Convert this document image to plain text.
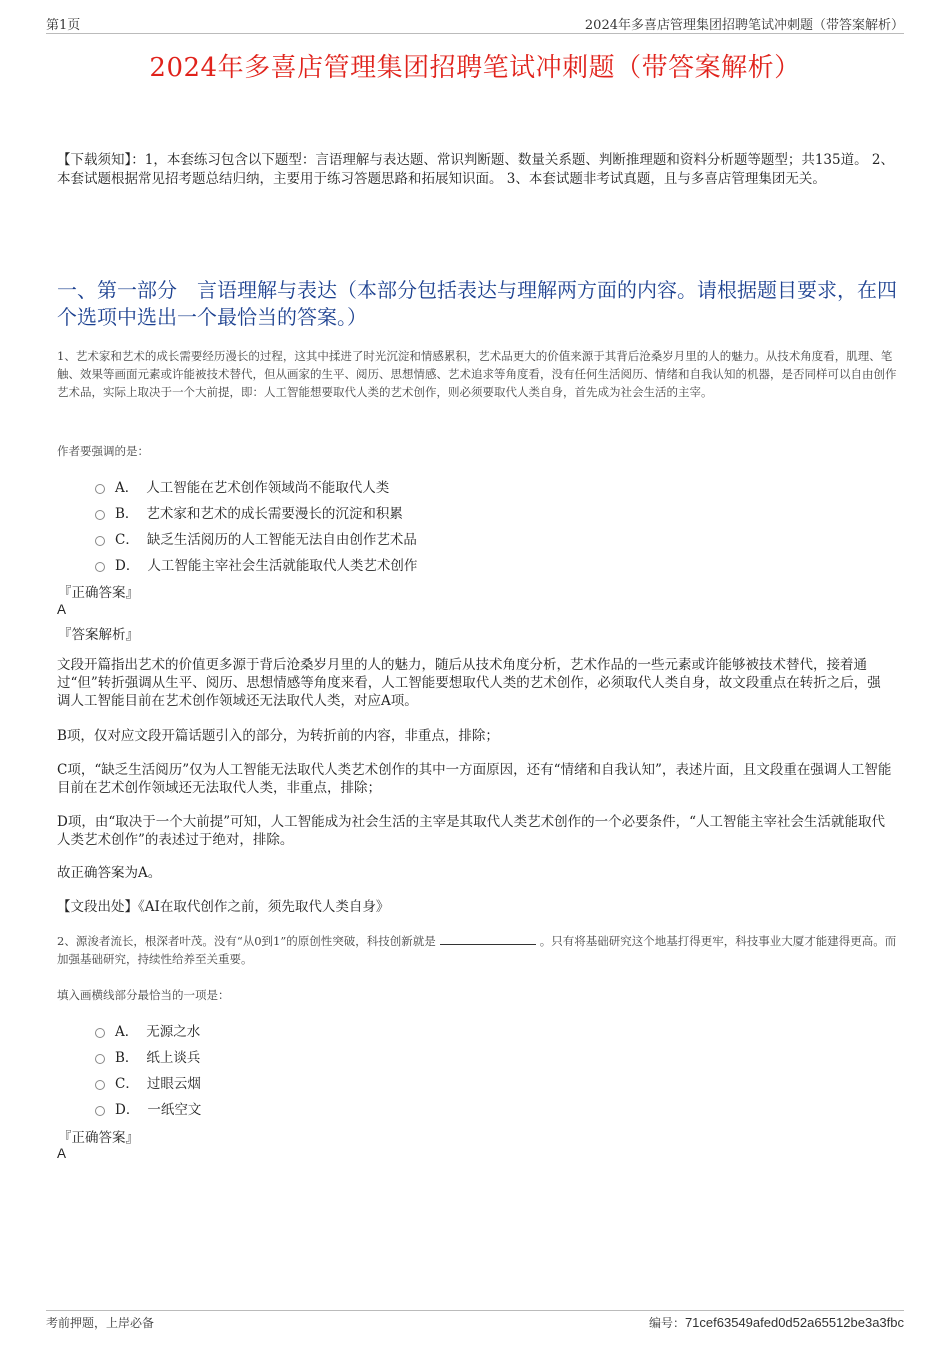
第1页	2024年多喜店管理集团招聘笔试冲刺题（带答案解析）
2024年多喜店管理集团招聘笔试冲刺题（带答案解析）
【下载须知】：1，本套练习包含以下题型：言语理解与表达题、常识判断题、数量关系题、判断推理题和资料分析题等题型；共135道。 2、本套试题根据常见招考题总结归纳，主要用于练习答题思路和拓展知识面。 3、本套试题非考试真题，且与多喜店管理集团无关。
一、第一部分　言语理解与表达（本部分包括表达与理解两方面的内容。请根据题目要求，在四个选项中选出一个最恰当的答案。）
1、艺术家和艺术的成长需要经历漫长的过程，这其中揉进了时光沉淀和情感累积，艺术品更大的价值来源于其背后沧桑岁月里的人的魅力。从技术角度看，肌理、笔触、效果等画面元素或许能被技术替代，但从画家的生平、阅历、思想情感、艺术追求等角度看，没有任何生活阅历、情绪和自我认知的机器，是否同样可以自由创作艺术品，实际上取决于一个大前提，即：人工智能想要取代人类的艺术创作，则必须要取代人类自身，首先成为社会生活的主宰。
作者要强调的是：
A． 人工智能在艺术创作领域尚不能取代人类
B． 艺术家和艺术的成长需要漫长的沉淀和积累
C． 缺乏生活阅历的人工智能无法自由创作艺术品
D． 人工智能主宰社会生活就能取代人类艺术创作
『正确答案』
A
『答案解析』
文段开篇指出艺术的价值更多源于背后沧桑岁月里的人的魅力，随后从技术角度分析，艺术作品的一些元素或许能够被技术替代，接着通过“但”转折强调从生平、阅历、思想情感等角度来看，人工智能要想取代人类的艺术创作，必须取代人类自身，故文段重点在转折之后，强调人工智能目前在艺术创作领域还无法取代人类，对应A项。
B项，仅对应文段开篇话题引入的部分，为转折前的内容，非重点，排除；
C项，“缺乏生活阅历”仅为人工智能无法取代人类艺术创作的其中一方面原因，还有“情绪和自我认知”，表述片面，且文段重在强调人工智能目前在艺术创作领域还无法取代人类，非重点，排除；
D项，由“取决于一个大前提”可知，人工智能成为社会生活的主宰是其取代人类艺术创作的一个必要条件，“人工智能主宰社会生活就能取代人类艺术创作”的表述过于绝对，排除。
故正确答案为A。
【文段出处】《AI在取代创作之前，须先取代人类自身》
2、源浚者流长，根深者叶茂。没有“从0到1”的原创性突破，科技创新就是	。只有将基础研究这个地基打得更牢，科技事业大厦才能建得更高。而加强基础研究，持续性给养至关重要。
填入画横线部分最恰当的一项是：
A． 无源之水
B． 纸上谈兵
C． 过眼云烟
D． 一纸空文
『正确答案』
A
考前押题，上岸必备	编号：71cef63549afed0d52a65512be3a3fbc
